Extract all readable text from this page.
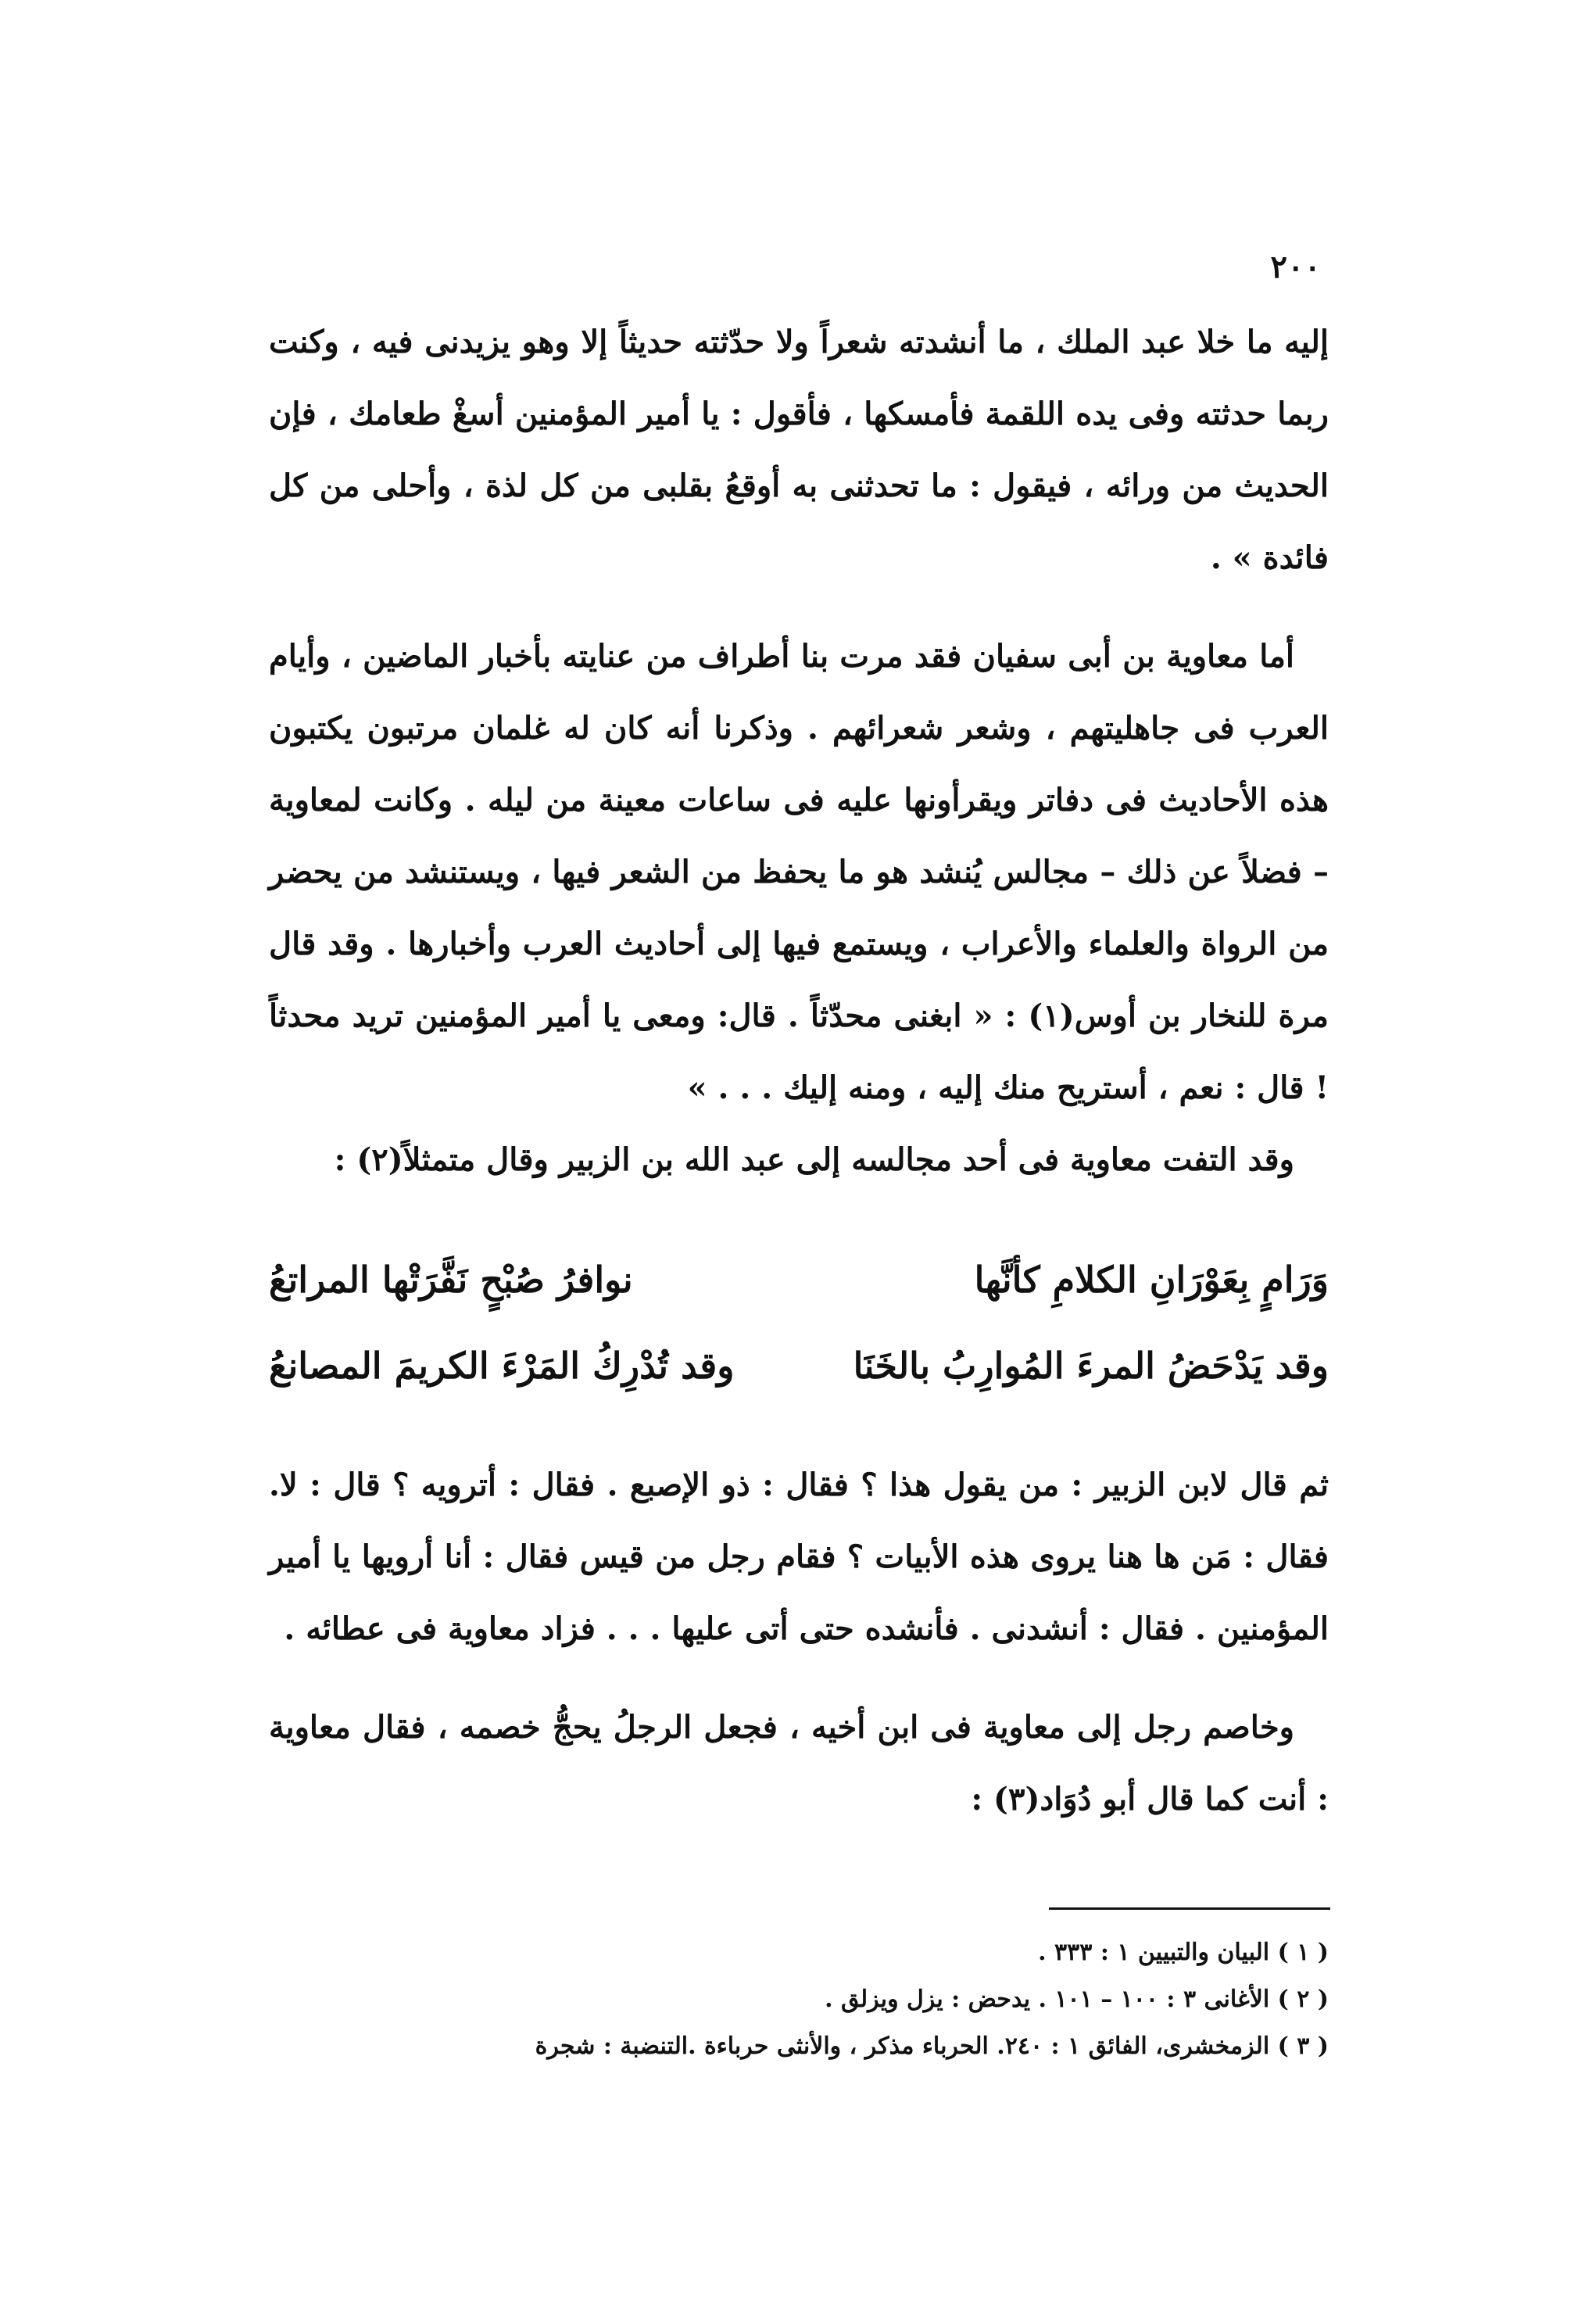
٢٠٠

إليه ما خلا عبد الملك ، ما أنشدته شعراً ولا حدّثته حديثاً إلا وهو يزيدنى فيه ، وكنت ربما حدثته وفى يده اللقمة فأمسكها ، فأقول : يا أمير المؤمنين أسغْ طعامك ، فإن الحديث من ورائه ، فيقول : ما تحدثنى به أوقعُ بقلبى من كل لذة ، وأحلى من كل فائدة » .

أما معاوية بن أبى سفيان فقد مرت بنا أطراف من عنايته بأخبار الماضين ، وأيام العرب فى جاهليتهم ، وشعر شعرائهم . وذكرنا أنه كان له غلمان مرتبون يكتبون هذه الأحاديث فى دفاتر ويقرأونها عليه فى ساعات معينة من ليله . وكانت لمعاوية – فضلاً عن ذلك – مجالس يُنشد هو ما يحفظ من الشعر فيها ، ويستنشد من يحضر من الرواة والعلماء والأعراب ، ويستمع فيها إلى أحاديث العرب وأخبارها . وقد قال مرة للنخار بن أوس(١) : « ابغنى محدّثاً . قال: ومعى يا أمير المؤمنين تريد محدثاً ! قال : نعم ، أستريح منك إليه ، ومنه إليك . . . »

وقد التفت معاوية فى أحد مجالسه إلى عبد الله بن الزبير وقال متمثلاً(٢) :

وَرَامٍ بِعَوْرَانِ الكلامِ كأنَّها
نوافرُ صُبْحٍ نَفَّرَتْها المراتعُ
وقد يَدْحَضُ المرءَ المُوارِبُ بالخَنَا
وقد تُدْرِكُ المَرْءَ الكريمَ المصانعُ

ثم قال لابن الزبير : من يقول هذا ؟ فقال : ذو الإصبع . فقال : أترويه ؟ قال : لا. فقال : مَن ها هنا يروى هذه الأبيات ؟ فقام رجل من قيس فقال : أنا أرويها يا أمير المؤمنين . فقال : أنشدنى . فأنشده حتى أتى عليها . . . فزاد معاوية فى عطائه .

وخاصم رجل إلى معاوية فى ابن أخيه ، فجعل الرجلُ يحجُّ خصمه ، فقال معاوية : أنت كما قال أبو دُوَاد(٣) :

( ١ ) البيان والتبيين ١ : ٣٣٣ .
( ٢ ) الأغانى ٣ : ١٠٠ – ١٠١ . يدحض : يزل ويزلق .
( ٣ ) الزمخشرى، الفائق ١ : ٢٤٠. الحرباء مذكر ، والأنثى حرباءة .التنضبة : شجرة
